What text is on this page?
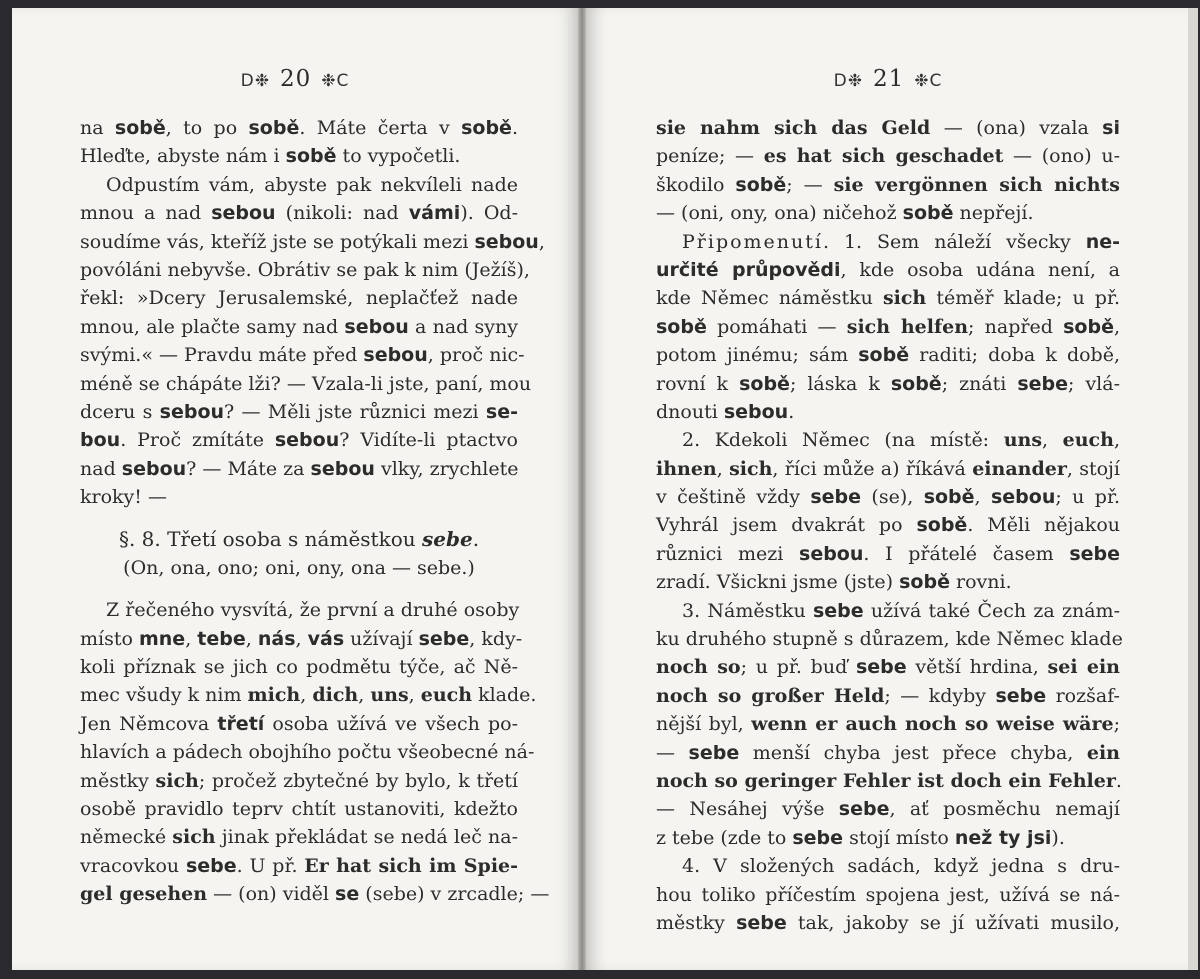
D❉ 20 ❉C
na sobě, to po sobě. Máte čerta v sobě.
Hleďte, abyste nám i sobě to vypočetli.
Odpustím vám, abyste pak nekvíleli nade
mnou a nad sebou (nikoli: nad vámi). Od-
soudíme vás, kteříž jste se potýkali mezi sebou,
povóláni nebyvše. Obrátiv se pak k nim (Ježíš),
řekl: »Dcery Jerusalemské, neplačťež nade
mnou, ale plačte samy nad sebou a nad syny
svými.« — Pravdu máte před sebou, proč nic-
méně se chápáte lži? — Vzala-li jste, paní, mou
dceru s sebou? — Měli jste různici mezi se-
bou. Proč zmítáte sebou? Vidíte-li ptactvo
nad sebou? — Máte za sebou vlky, zrychlete
kroky! —
§. 8. Třetí osoba s náměstkou sebe.
(On, ona, ono; oni, ony, ona — sebe.)
Z řečeného vysvítá, že první a druhé osoby
místo mne, tebe, nás, vás užívají sebe, kdy-
koli příznak se jich co podmětu týče, ač Ně-
mec všudy k nim mich, dich, uns, euch klade.
Jen Němcova třetí osoba užívá ve všech po-
hlavích a pádech obojhího počtu všeobecné ná-
městky sich; pročež zbytečné by bylo, k třetí
osobě pravidlo teprv chtít ustanoviti, kdežto
německé sich jinak překládat se nedá leč na-
vracovkou sebe. U př. Er hat sich im Spie-
gel gesehen — (on) viděl se (sebe) v zrcadle; —
D❉ 21 ❉C
sie nahm sich das Geld — (ona) vzala si
peníze; — es hat sich geschadet — (ono) u-
škodilo sobě; — sie vergönnen sich nichts
— (oni, ony, ona) ničehož sobě nepřejí.
Připomenutí. 1. Sem náleží všecky ne-
určité průpovědi, kde osoba udána není, a
kde Němec náměstku sich téměř klade; u př.
sobě pomáhati — sich helfen; napřed sobě,
potom jinému; sám sobě raditi; doba k době,
rovní k sobě; láska k sobě; znáti sebe; vlá-
dnouti sebou.
2. Kdekoli Němec (na místě: uns, euch,
ihnen, sich, říci může a) říkává einander, stojí
v češtině vždy sebe (se), sobě, sebou; u př.
Vyhrál jsem dvakrát po sobě. Měli nějakou
různici mezi sebou. I přátelé časem sebe
zradí. Všickni jsme (jste) sobě rovni.
3. Náměstku sebe užívá také Čech za znám-
ku druhého stupně s důrazem, kde Němec klade
noch so; u př. buď sebe větší hrdina, sei ein
noch so großer Held; — kdyby sebe rozšaf-
nější byl, wenn er auch noch so weise wäre;
— sebe menší chyba jest přece chyba, ein
noch so geringer Fehler ist doch ein Fehler.
— Nesáhej výše sebe, ať posměchu nemají
z tebe (zde to sebe stojí místo než ty jsi).
4. V složených sadách, když jedna s dru-
hou toliko příčestím spojena jest, užívá se ná-
městky sebe tak, jakoby se jí užívati musilo,
